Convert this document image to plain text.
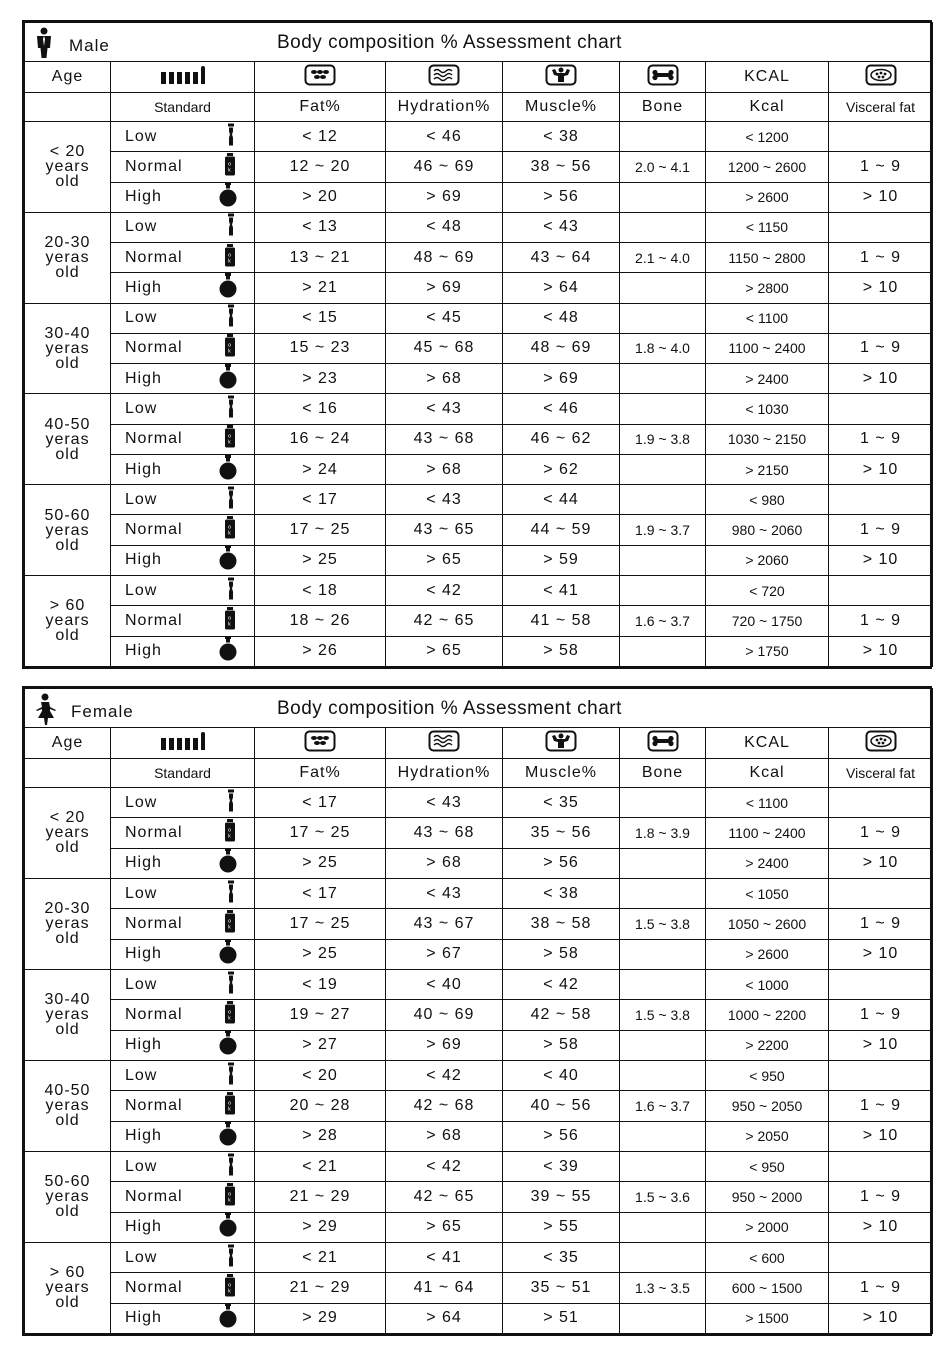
Male Body composition % Assessment chart							

Age						KCAL	
	Standard	Fat%	Hydration%	Muscle%	Bone	Kcal	Visceral fat

< 20
years
old	Low	< 12	< 46	< 38		< 1200	

	Normal o
k	12 ~ 20	46 ~ 69	38 ~ 56	2.0 ~ 4.1	1200 ~ 2600	1 ~ 9

	High	> 20	> 69	> 56		> 2600	> 10

20-30
yeras
old	Low	< 13	< 48	< 43		< 1150	

	Normal o
k	13 ~ 21	48 ~ 69	43 ~ 64	2.1 ~ 4.0	1150 ~ 2800	1 ~ 9

	High	> 21	> 69	> 64		> 2800	> 10

30-40
yeras
old	Low	< 15	< 45	< 48		< 1100	

	Normal o
k	15 ~ 23	45 ~ 68	48 ~ 69	1.8 ~ 4.0	1100 ~ 2400	1 ~ 9

	High	> 23	> 68	> 69		> 2400	> 10

40-50
yeras
old	Low	< 16	< 43	< 46		< 1030	

	Normal o
k	16 ~ 24	43 ~ 68	46 ~ 62	1.9 ~ 3.8	1030 ~ 2150	1 ~ 9

	High	> 24	> 68	> 62		> 2150	> 10

50-60
yeras
old	Low	< 17	< 43	< 44		< 980	

	Normal o
k	17 ~ 25	43 ~ 65	44 ~ 59	1.9 ~ 3.7	980 ~ 2060	1 ~ 9

	High	> 25	> 65	> 59		> 2060	> 10

> 60
years
old	Low	< 18	< 42	< 41		< 720	

	Normal o
k	18 ~ 26	42 ~ 65	41 ~ 58	1.6 ~ 3.7	720 ~ 1750	1 ~ 9

	High	> 26	> 65	> 58		> 1750	> 10
Female Body composition % Assessment chart							

Age						KCAL	
	Standard	Fat%	Hydration%	Muscle%	Bone	Kcal	Visceral fat

< 20
years
old	Low	< 17	< 43	< 35		< 1100	

	Normal o
k	17 ~ 25	43 ~ 68	35 ~ 56	1.8 ~ 3.9	1100 ~ 2400	1 ~ 9

	High	> 25	> 68	> 56		> 2400	> 10

20-30
yeras
old	Low	< 17	< 43	< 38		< 1050	

	Normal o
k	17 ~ 25	43 ~ 67	38 ~ 58	1.5 ~ 3.8	1050 ~ 2600	1 ~ 9

	High	> 25	> 67	> 58		> 2600	> 10

30-40
yeras
old	Low	< 19	< 40	< 42		< 1000	

	Normal o
k	19 ~ 27	40 ~ 69	42 ~ 58	1.5 ~ 3.8	1000 ~ 2200	1 ~ 9

	High	> 27	> 69	> 58		> 2200	> 10

40-50
yeras
old	Low	< 20	< 42	< 40		< 950	

	Normal o
k	20 ~ 28	42 ~ 68	40 ~ 56	1.6 ~ 3.7	950 ~ 2050	1 ~ 9

	High	> 28	> 68	> 56		> 2050	> 10

50-60
yeras
old	Low	< 21	< 42	< 39		< 950	

	Normal o
k	21 ~ 29	42 ~ 65	39 ~ 55	1.5 ~ 3.6	950 ~ 2000	1 ~ 9

	High	> 29	> 65	> 55		> 2000	> 10

> 60
years
old	Low	< 21	< 41	< 35		< 600	

	Normal o
k	21 ~ 29	41 ~ 64	35 ~ 51	1.3 ~ 3.5	600 ~ 1500	1 ~ 9

	High	> 29	> 64	> 51		> 1500	> 10
